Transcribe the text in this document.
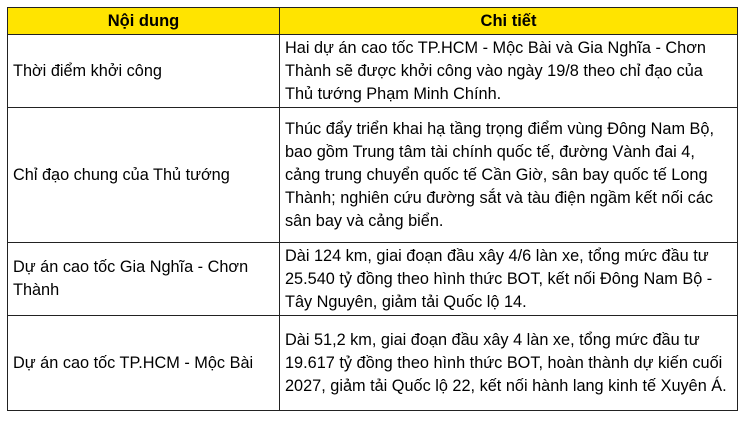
Nội dung	Chi tiết
Thời điểm khởi công	Hai dự án cao tốc TP.HCM - Mộc Bài và Gia Nghĩa - Chơn Thành sẽ được khởi công vào ngày 19/8 theo chỉ đạo của Thủ tướng Phạm Minh Chính.
Chỉ đạo chung của Thủ tướng	Thúc đẩy triển khai hạ tầng trọng điểm vùng Đông Nam Bộ, bao gồm Trung tâm tài chính quốc tế, đường Vành đai 4, cảng trung chuyển quốc tế Cần Giờ, sân bay quốc tế Long Thành; nghiên cứu đường sắt và tàu điện ngầm kết nối các sân bay và cảng biển.
Dự án cao tốc Gia Nghĩa - Chơn Thành	Dài 124 km, giai đoạn đầu xây 4/6 làn xe, tổng mức đầu tư 25.540 tỷ đồng theo hình thức BOT, kết nối Đông Nam Bộ - Tây Nguyên, giảm tải Quốc lộ 14.
Dự án cao tốc TP.HCM - Mộc Bài	Dài 51,2 km, giai đoạn đầu xây 4 làn xe, tổng mức đầu tư 19.617 tỷ đồng theo hình thức BOT, hoàn thành dự kiến cuối 2027, giảm tải Quốc lộ 22, kết nối hành lang kinh tế Xuyên Á.
